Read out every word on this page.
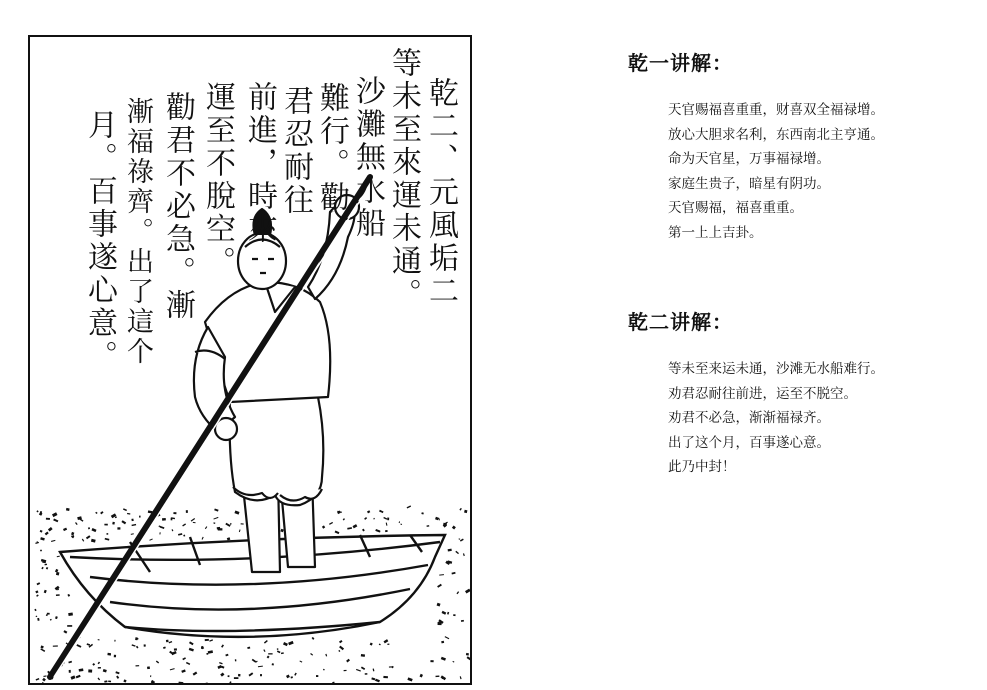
乾二、元風垢二
等未至來運未通。
沙灘無水船
難行。勸
君忍耐往
前進，時來
運至不脫空。
勸君不必急。漸
漸福祿齊。出了這个
月。百事遂心意。
乾一讲解：
天官赐福喜重重，财喜双全福禄增。
放心大胆求名利，东西南北主亨通。
命为天官星，万事福禄增。
家庭生贵子，暗星有阴功。
天官赐福，福喜重重。
第一上上吉卦。
乾二讲解：
等未至来运未通，沙滩无水船难行。
劝君忍耐往前进，运至不脱空。
劝君不必急，渐渐福禄齐。
出了这个月，百事遂心意。
此乃中封！
